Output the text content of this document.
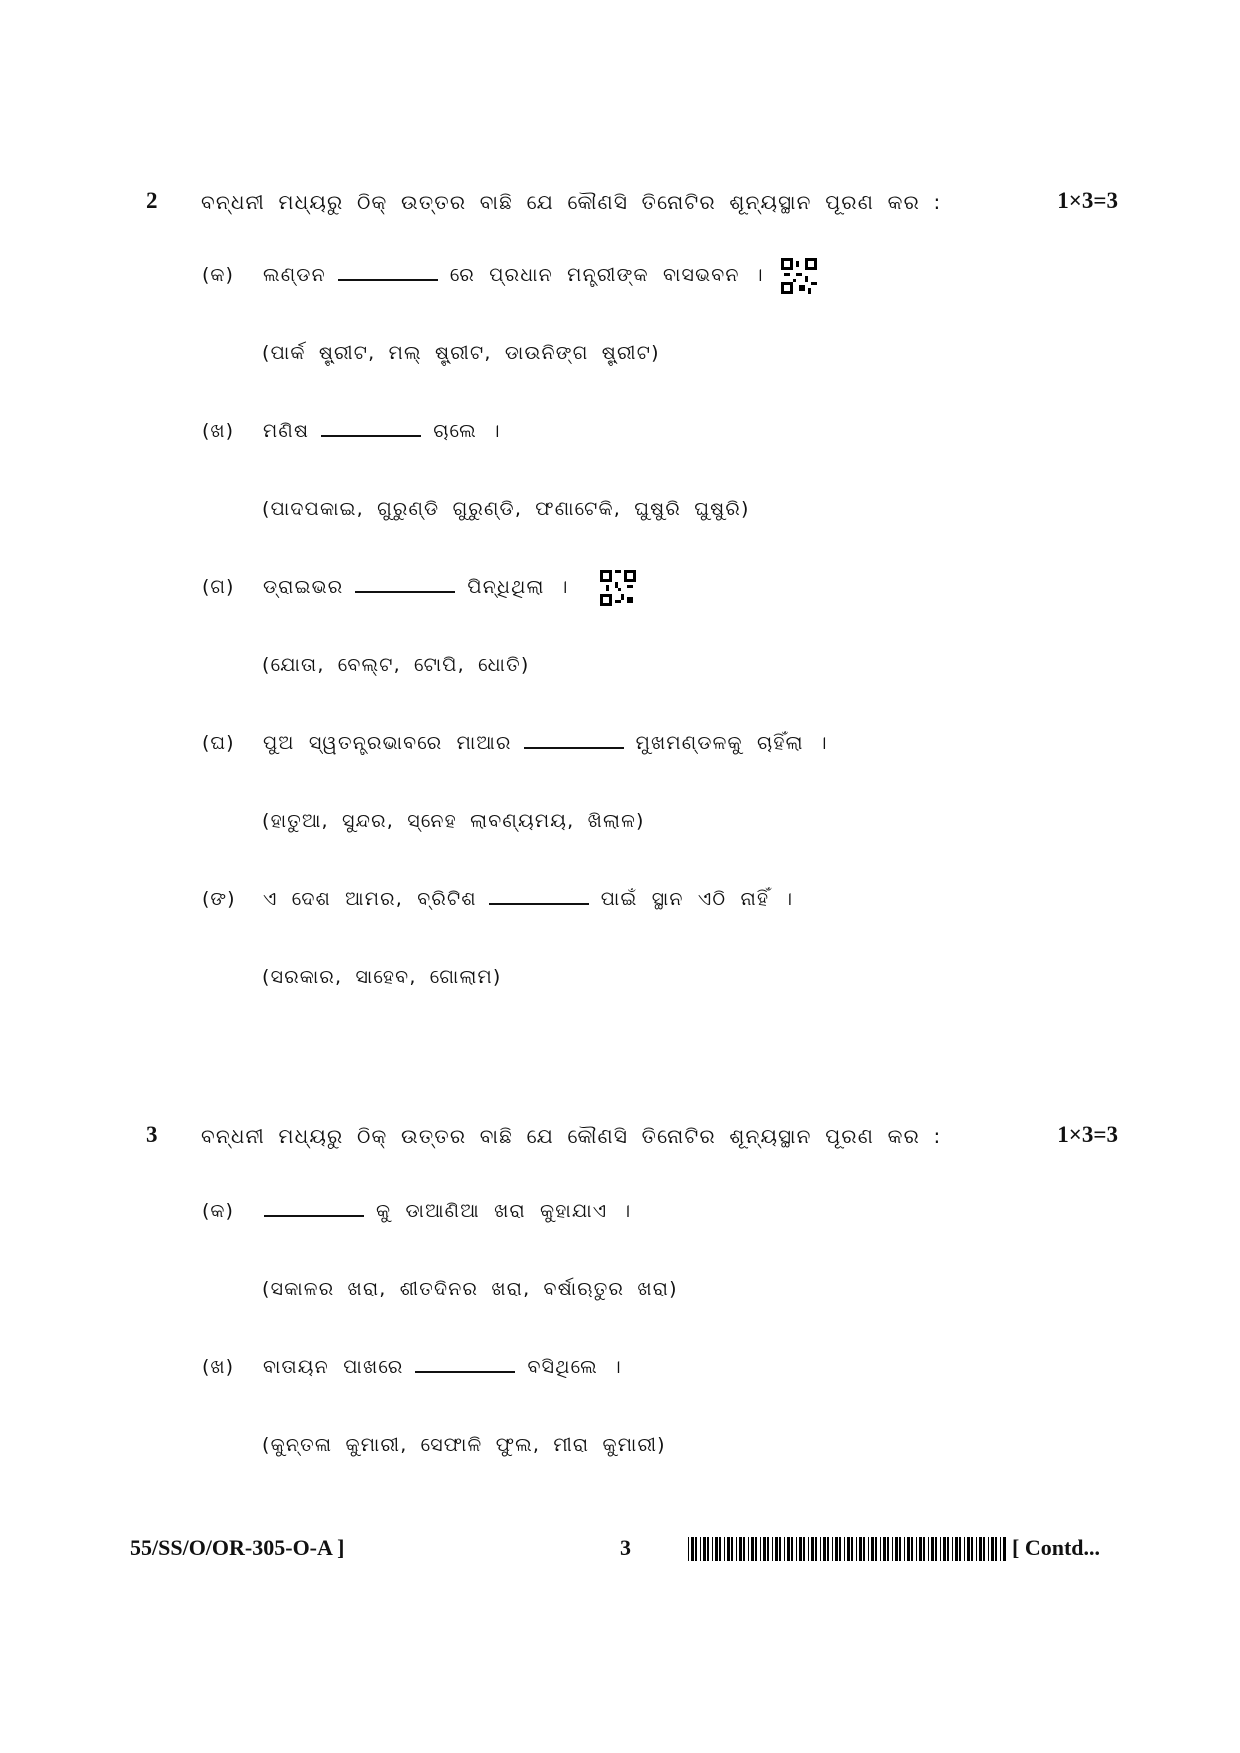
2 ବନ୍ଧନୀ ମଧ୍ୟରୁ ଠିକ୍ ଉତ୍ତର ବାଛି ଯେ କୌଣସି ତିନୋଟିର ଶୂନ୍ୟସ୍ଥାନ ପୂରଣ କର :	1×3=3
(କ) ଲଣ୍ଡନ	ରେ ପ୍ରଧାନ ମନ୍ତ୍ରୀଙ୍କ ବାସଭବନ ।
(ପାର୍କ ଷ୍ଟ୍ରୀଟ, ମଲ୍ ଷ୍ଟ୍ରୀଟ, ଡାଉନିଙ୍ଗ ଷ୍ଟ୍ରୀଟ)
(ଖ) ମଣିଷ	ଚାଲେ ।
(ପାଦପକାଇ, ଗୁରୁଣ୍ଡି ଗୁରୁଣ୍ଡି, ଫଣାଟେକି, ଘୁଷୁରି ଘୁଷୁରି)
(ଗ) ଡ୍ରାଇଭର	ପିନ୍ଧିଥିଲା ।
(ଯୋତା, ବେଲ୍ଟ, ଟୋପି, ଧୋତି)
(ଘ) ପୁଅ ସ୍ୱତନ୍ତ୍ରଭାବରେ ମାଆର	ମୁଖମଣ୍ଡଳକୁ ଚାହିଁଲା ।
(ହାତୁଆ, ସୁନ୍ଦର, ସ୍ନେହ ଲାବଣ୍ୟମୟ, ଖିଲାଳ)
(ଙ) ଏ ଦେଶ ଆମର, ବ୍ରିଟିଶ	ପାଇଁ ସ୍ଥାନ ଏଠି ନାହିଁ ।
(ସରକାର, ସାହେବ, ଗୋଲାମ)
3 ବନ୍ଧନୀ ମଧ୍ୟରୁ ଠିକ୍ ଉତ୍ତର ବାଛି ଯେ କୌଣସି ତିନୋଟିର ଶୂନ୍ୟସ୍ଥାନ ପୂରଣ କର :	1×3=3
(କ)	କୁ ଡାଆଣିଆ ଖରା କୁହାଯାଏ ।
(ସକାଳର ଖରା, ଶୀତଦିନର ଖରା, ବର୍ଷାଋତୁର ଖରା)
(ଖ) ବାତାୟନ ପାଖରେ	ବସିଥିଲେ ।
(କୁନ୍ତଳା କୁମାରୀ, ସେଫାଳି ଫୁଲ, ମୀରା କୁମାରୀ)
55/SS/O/OR-305-O-A ]	3	[ Contd...
